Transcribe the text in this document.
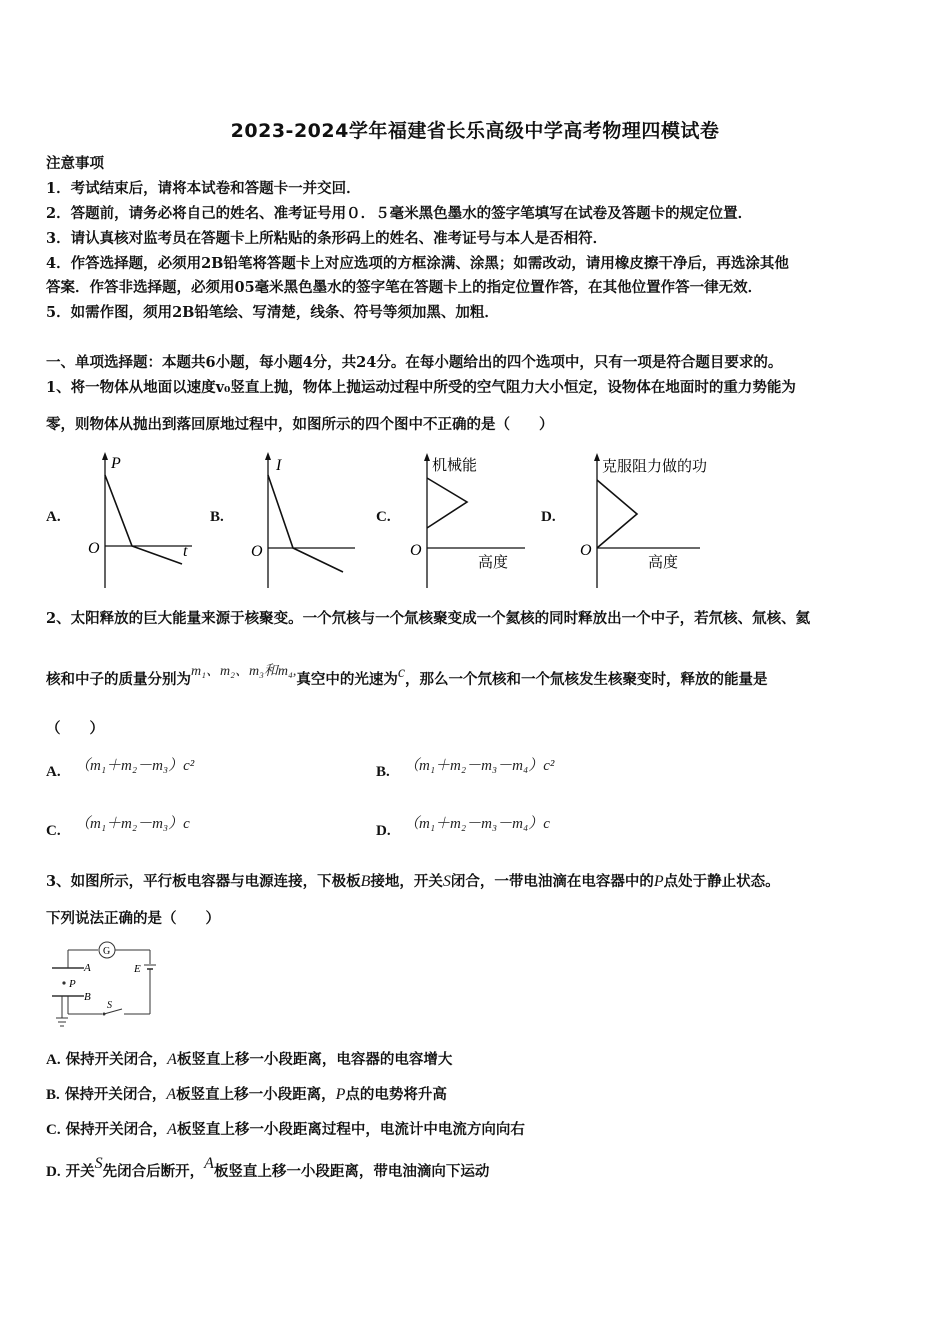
2023-2024学年福建省长乐高级中学高考物理四模试卷
注意事项
1．考试结束后，请将本试卷和答题卡一并交回．
2．答题前，请务必将自己的姓名、准考证号用０．５毫米黑色墨水的签字笔填写在试卷及答题卡的规定位置．
3．请认真核对监考员在答题卡上所粘贴的条形码上的姓名、准考证号与本人是否相符．
4．作答选择题，必须用2B铅笔将答题卡上对应选项的方框涂满、涂黑；如需改动，请用橡皮擦干净后，再选涂其他
答案．作答非选择题，必须用05毫米黑色墨水的签字笔在答题卡上的指定位置作答，在其他位置作答一律无效．
5．如需作图，须用2B铅笔绘、写清楚，线条、符号等须加黑、加粗．
一、单项选择题：本题共6小题，每小题4分，共24分。在每小题给出的四个选项中，只有一项是符合题目要求的。
1、将一物体从地面以速度v₀竖直上抛，物体上抛运动过程中所受的空气阻力大小恒定，设物体在地面时的重力势能为
零，则物体从抛出到落回原地过程中，如图所示的四个图中不正确的是（　　）
A.
P
t
O
B.
I
O
C.
机械能
高度
O
D.
克服阻力做的功
高度
O
2、太阳释放的巨大能量来源于核聚变。一个氘核与一个氚核聚变成一个氦核的同时释放出一个中子，若氘核、氚核、氦
核和中子的质量分别为m₁、m₂、m₃和m₄,真空中的光速为c，那么一个氘核和一个氚核发生核聚变时，释放的能量是
（　　）
A. （m₁＋m₂－m₃）c²	B. （m₁＋m₂－m₃－m₄）c²
C. （m₁＋m₂－m₃）c	D. （m₁＋m₂－m₃－m₄）c
3、如图所示，平行板电容器与电源连接，下极板B接地，开关S闭合，一带电油滴在电容器中的P点处于静止状态。
下列说法正确的是（　　）
G
E
A
P
B
S
A. 保持开关闭合，A板竖直上移一小段距离，电容器的电容增大
B. 保持开关闭合，A板竖直上移一小段距离，P点的电势将升高
C. 保持开关闭合，A板竖直上移一小段距离过程中，电流计中电流方向向右
D. 开关S先闭合后断开，A板竖直上移一小段距离，带电油滴向下运动
